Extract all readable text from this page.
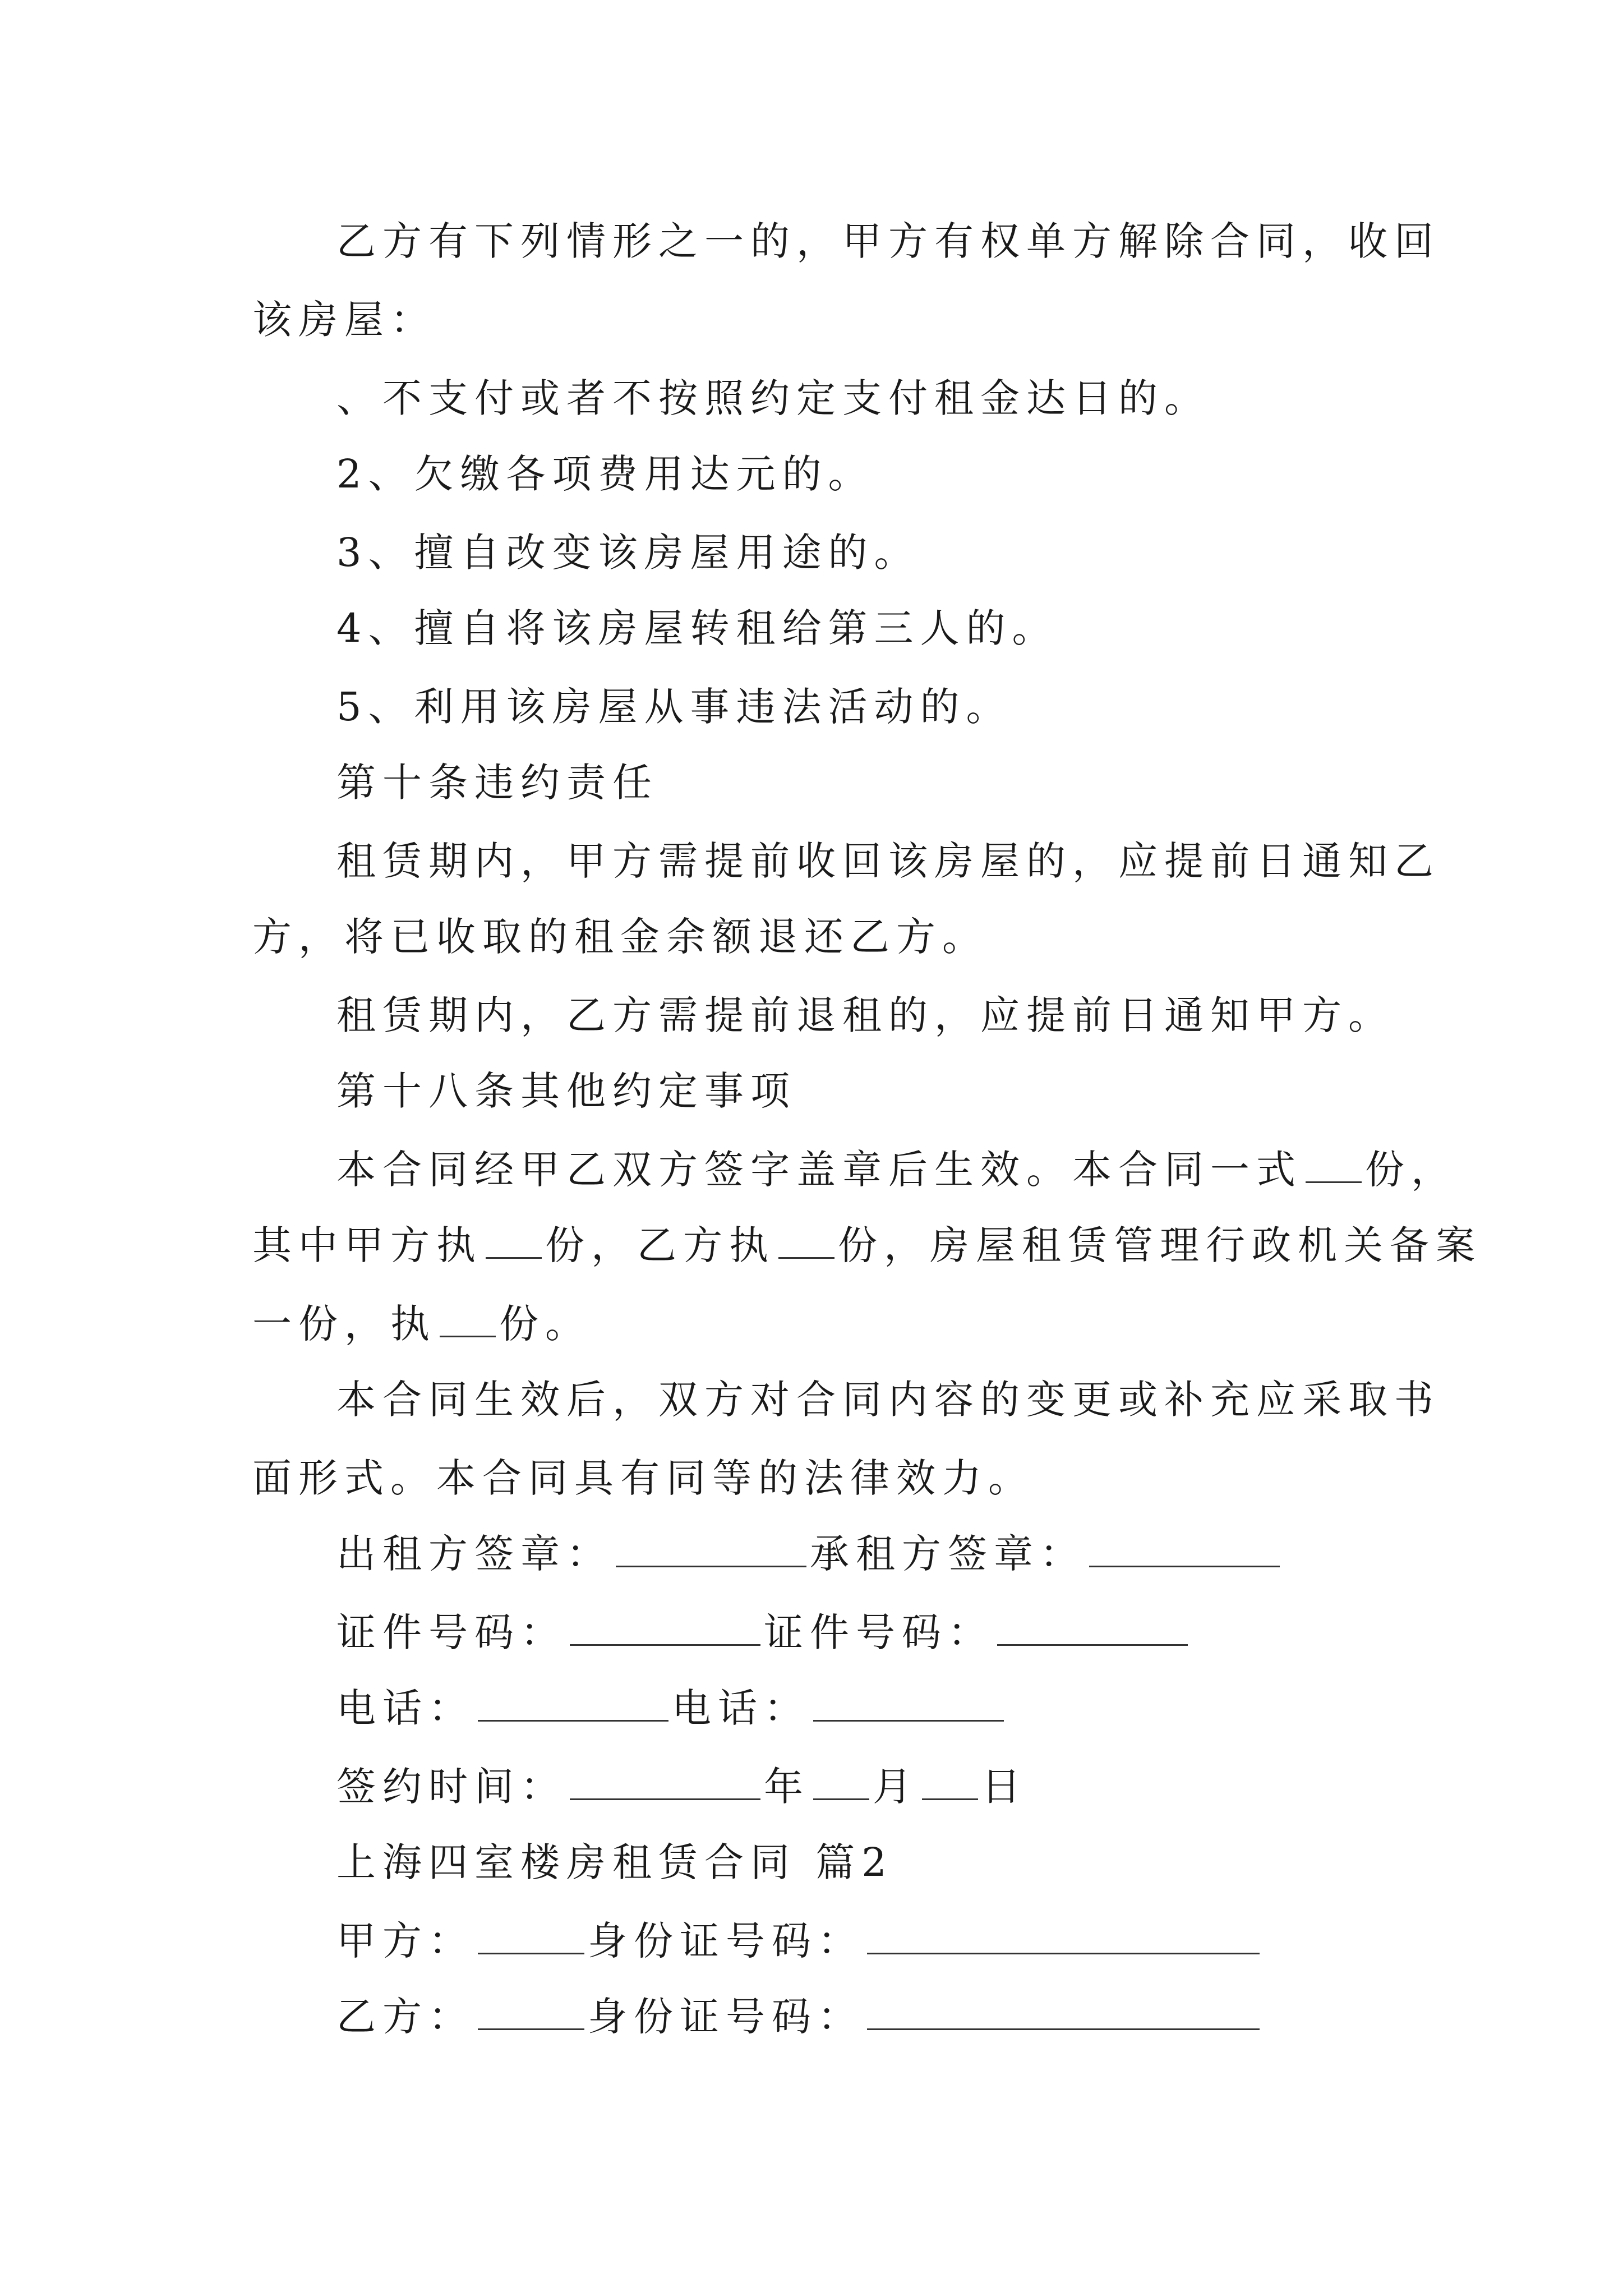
乙方有下列情形之一的，甲方有权单方解除合同，收回
该房屋：
、不支付或者不按照约定支付租金达日的。
2、欠缴各项费用达元的。
3、擅自改变该房屋用途的。
4、擅自将该房屋转租给第三人的。
5、利用该房屋从事违法活动的。
第十条违约责任
租赁期内，甲方需提前收回该房屋的，应提前日通知乙
方，将已收取的租金余额退还乙方。
租赁期内，乙方需提前退租的，应提前日通知甲方。
第十八条其他约定事项
本合同经甲乙双方签字盖章后生效。本合同一式 份，
其中甲方执 份，乙方执 份，房屋租赁管理行政机关备案
一份，执 份。
本合同生效后，双方对合同内容的变更或补充应采取书
面形式。本合同具有同等的法律效力。
出租方签章：	承租方签章：
证件号码：	证件号码：
电话：	电话：
签约时间：	年 月 日
上海四室楼房租赁合同 篇2
甲方：	身份证号码：
乙方：	身份证号码：
